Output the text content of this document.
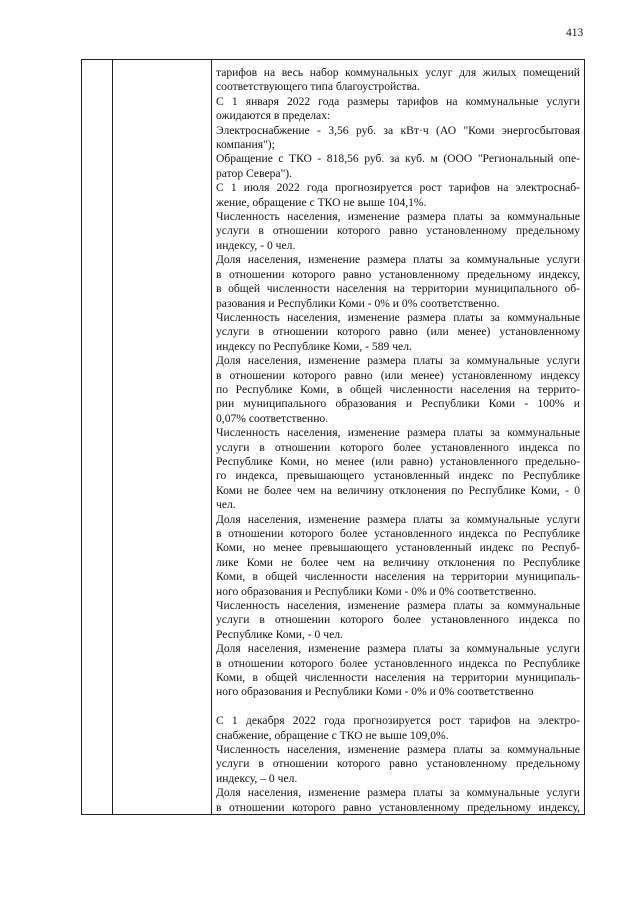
413
тарифов на весь набор коммунальных услуг для жилых помещений
соответствующего типа благоустройства.
С 1 января 2022 года размеры тарифов на коммунальные услуги
ожидаются в пределах:
Электроснабжение - 3,56 руб. за кВт·ч (АО "Коми энергосбытовая
компания");
Обращение с ТКО - 818,56 руб. за куб. м (ООО "Региональный опе-
ратор Севера").
С 1 июля 2022 года прогнозируется рост тарифов на электроснаб-
жение, обращение с ТКО не выше 104,1%.
Численность населения, изменение размера платы за коммунальные
услуги в отношении которого равно установленному предельному
индексу, - 0 чел.
Доля населения, изменение размера платы за коммунальные услуги
в отношении которого равно установленному предельному индексу,
в общей численности населения на территории муниципального об-
разования и Республики Коми - 0% и 0% соответственно.
Численность населения, изменение размера платы за коммунальные
услуги в отношении которого равно (или менее) установленному
индексу по Республике Коми, - 589 чел.
Доля населения, изменение размера платы за коммунальные услуги
в отношении которого равно (или менее) установленному индексу
по Республике Коми, в общей численности населения на террито-
рии муниципального образования и Республики Коми - 100% и
0,07% соответственно.
Численность населения, изменение размера платы за коммунальные
услуги в отношении которого более установленного индекса по
Республике Коми, но менее (или равно) установленного предельно-
го индекса, превышающего установленный индекс по Республике
Коми не более чем на величину отклонения по Республике Коми, - 0
чел.
Доля населения, изменение размера платы за коммунальные услуги
в отношении которого более установленного индекса по Республике
Коми, но менее превышающего установленный индекс по Респуб-
лике Коми не более чем на величину отклонения по Республике
Коми, в общей численности населения на территории муниципаль-
ного образования и Республики Коми - 0% и 0% соответственно.
Численность населения, изменение размера платы за коммунальные
услуги в отношении которого более установленного индекса по
Республике Коми, - 0 чел.
Доля населения, изменение размера платы за коммунальные услуги
в отношении которого более установленного индекса по Республике
Коми, в общей численности населения на территории муниципаль-
ного образования и Республики Коми - 0% и 0% соответственно
С 1 декабря 2022 года прогнозируется рост тарифов на электро-
снабжение, обращение с ТКО не выше 109,0%.
Численность населения, изменение размера платы за коммунальные
услуги в отношении которого равно установленному предельному
индексу, – 0 чел.
Доля населения, изменение размера платы за коммунальные услуги
в отношении которого равно установленному предельному индексу,
